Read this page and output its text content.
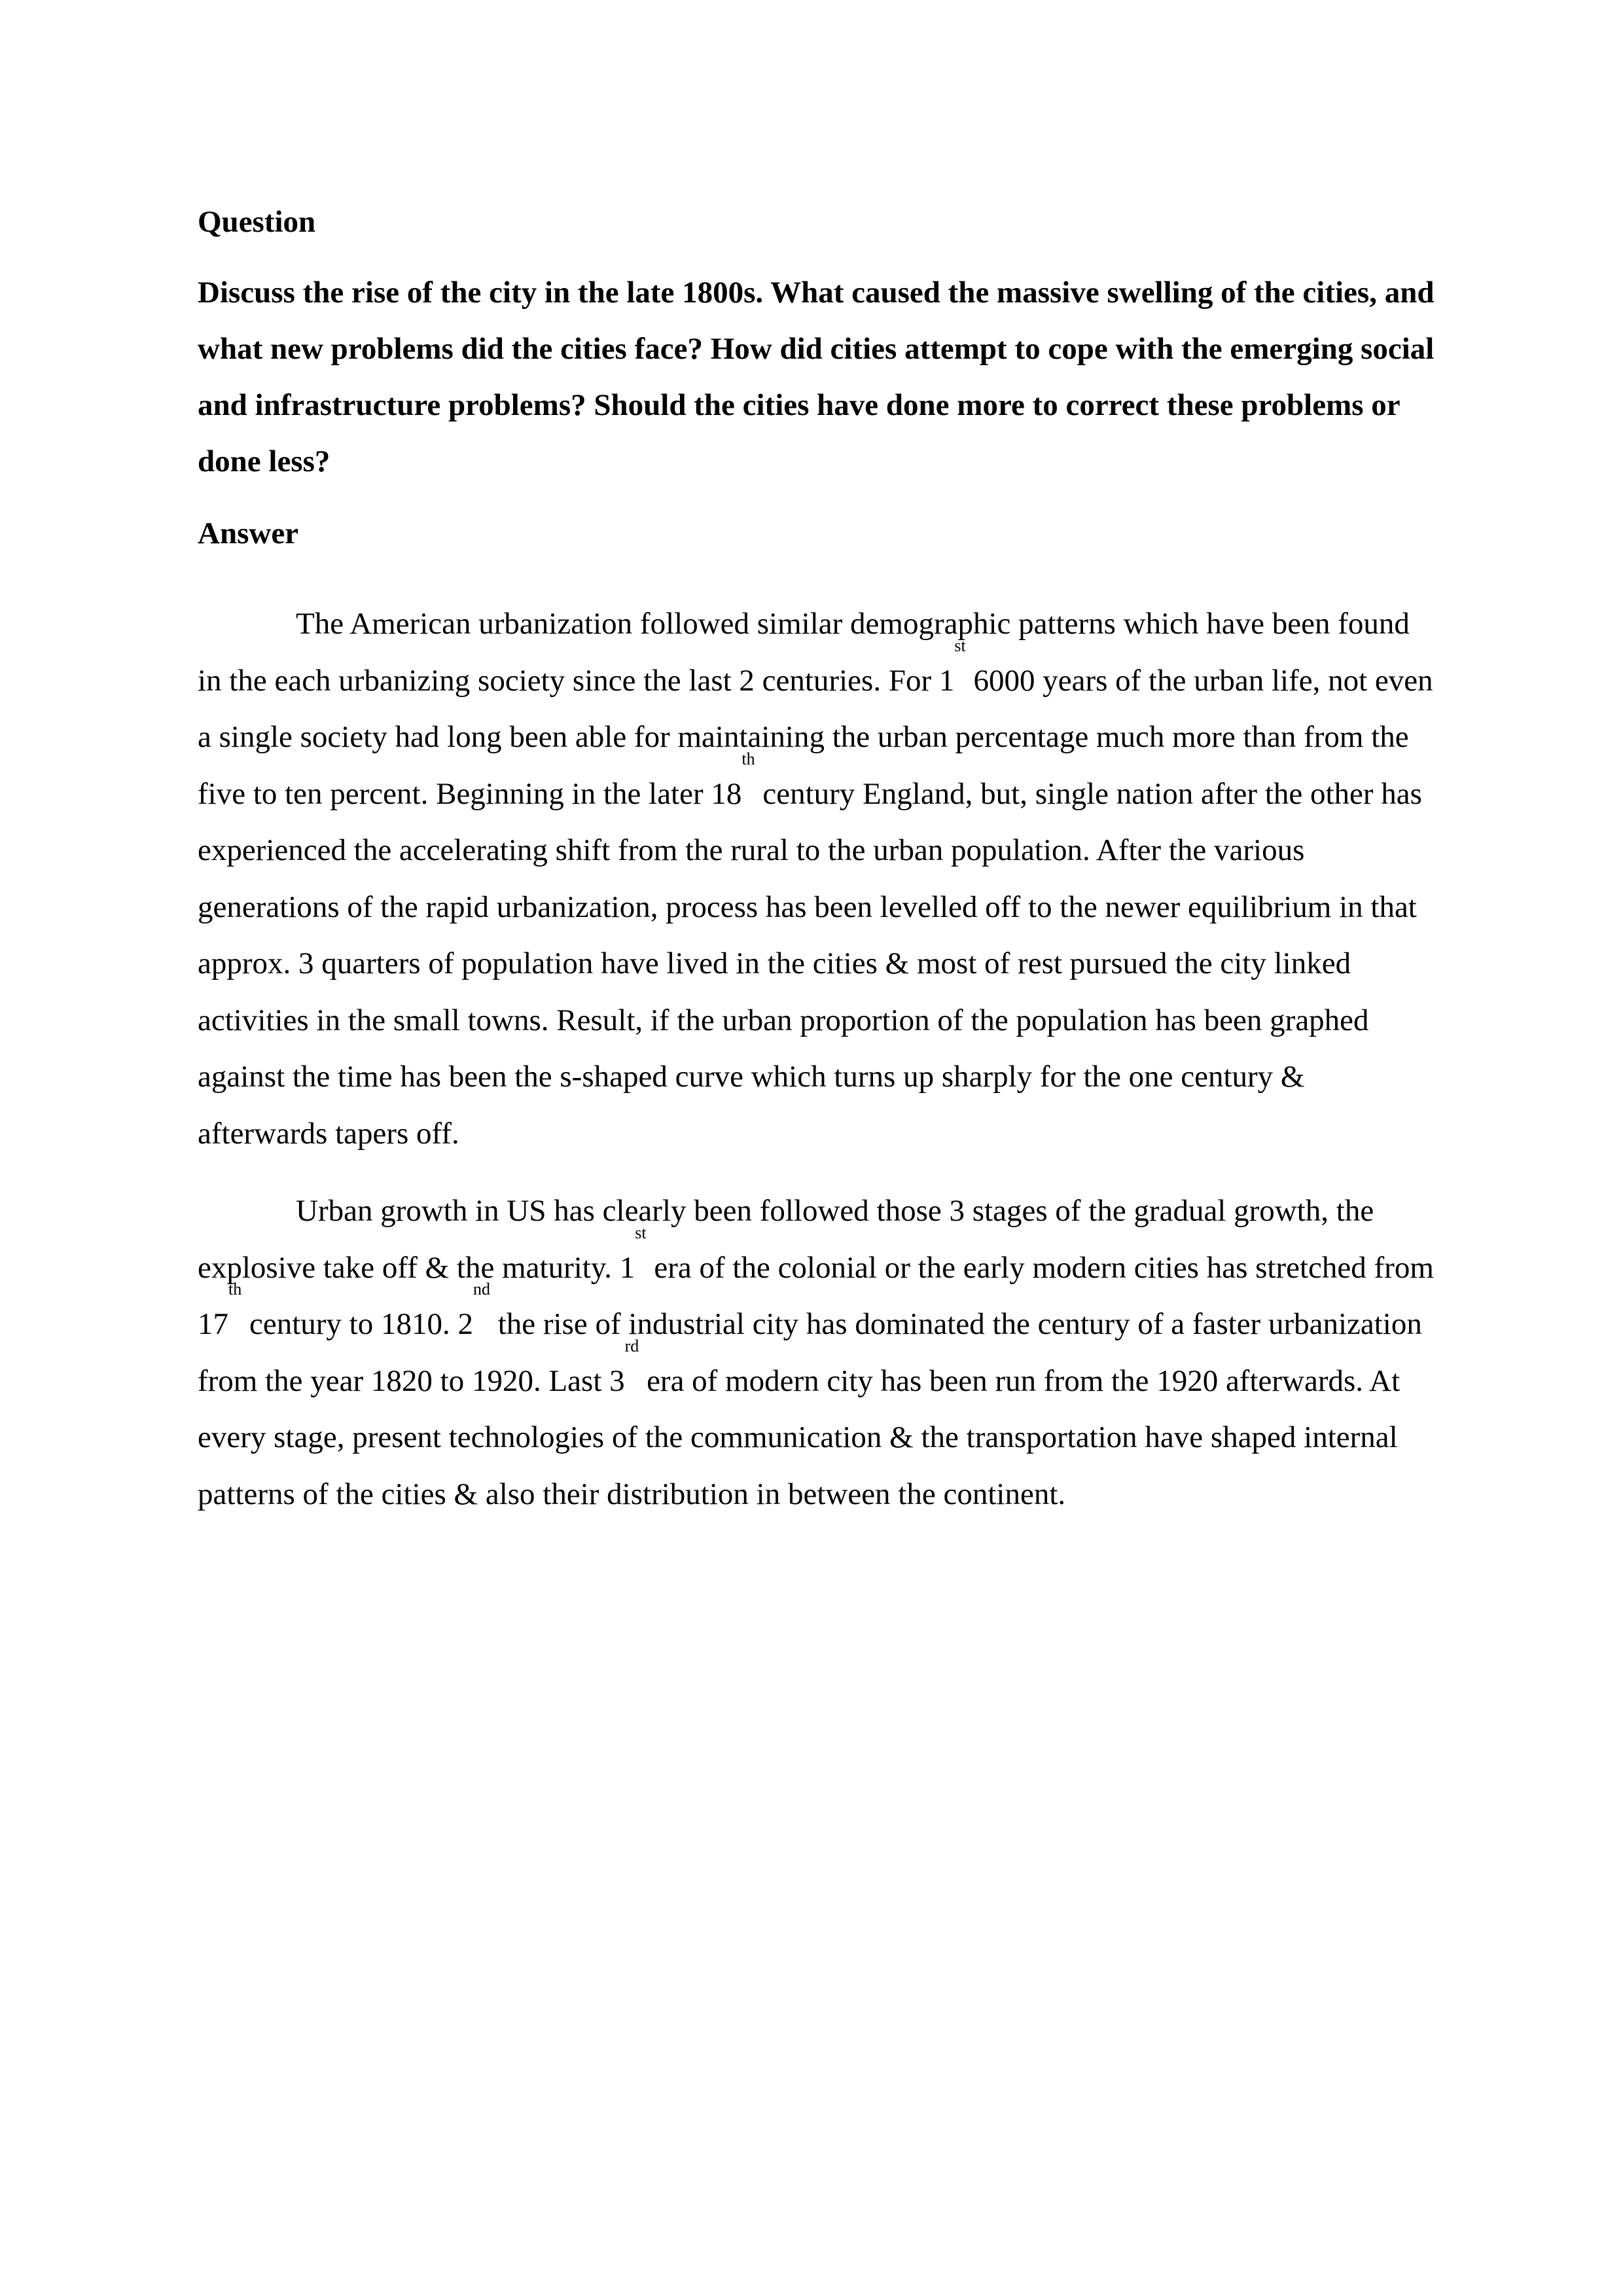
Question

Discuss the rise of the city in the late 1800s. What caused the massive swelling of the cities, and what new problems did the cities face? How did cities attempt to cope with the emerging social and infrastructure problems? Should the cities have done more to correct these problems or done less?

Answer

The American urbanization followed similar demographic patterns which have been found in the each urbanizing society since the last 2 centuries. For 1st 6000 years of the urban life, not even a single society had long been able for maintaining the urban percentage much more than from the five to ten percent. Beginning in the later 18th century England, but, single nation after the other has experienced the accelerating shift from the rural to the urban population. After the various generations of the rapid urbanization, process has been levelled off to the newer equilibrium in that approx. 3 quarters of population have lived in the cities & most of rest pursued the city linked activities in the small towns. Result, if the urban proportion of the population has been graphed against the time has been the s-shaped curve which turns up sharply for the one century & afterwards tapers off.

Urban growth in US has clearly been followed those 3 stages of the gradual growth, the explosive take off & the maturity. 1st era of the colonial or the early modern cities has stretched from 17th century to 1810. 2nd the rise of industrial city has dominated the century of a faster urbanization from the year 1820 to 1920. Last 3rd era of modern city has been run from the 1920 afterwards. At every stage, present technologies of the communication & the transportation have shaped internal patterns of the cities & also their distribution in between the continent.
